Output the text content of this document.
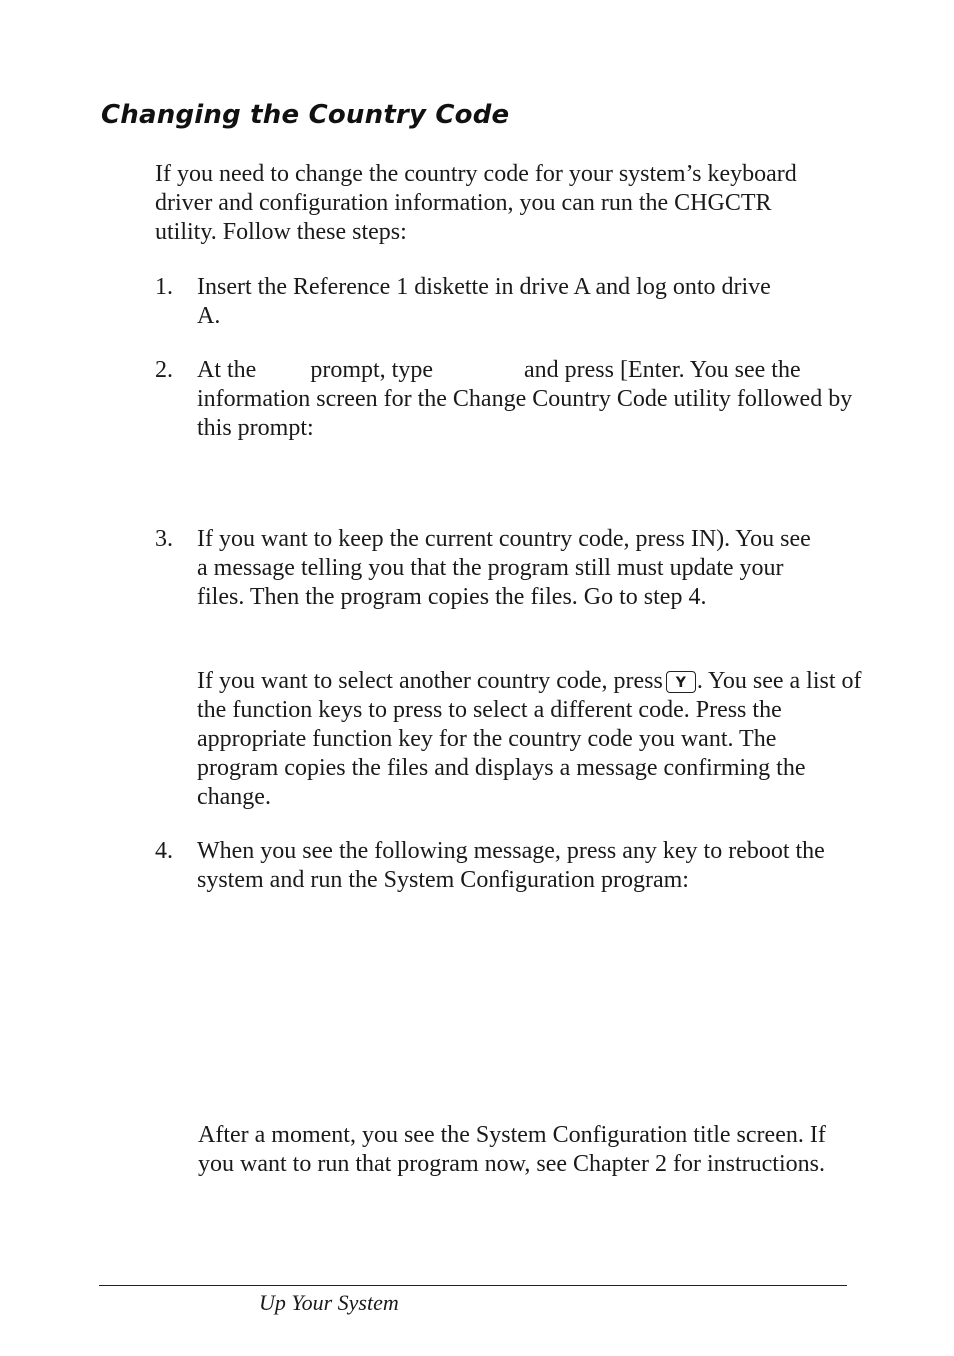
Changing the Country Code

If you need to change the country code for your system’s keyboard driver and configuration information, you can run the CHGCTR utility. Follow these steps:

1. Insert the Reference 1 diskette in drive A and log onto drive A.

2. At the prompt, type	and press [Enter. You see the information screen for the Change Country Code utility followed by this prompt:

3. If you want to keep the current country code, press IN). You see a message telling you that the program still must update your files. Then the program copies the files. Go to step 4.

If you want to select another country code, press Y . You see a list of the function keys to press to select a different code. Press the appropriate function key for the country code you want. The program copies the files and displays a message confirming the change.

4. When you see the following message, press any key to reboot the system and run the System Configuration program:

After a moment, you see the System Configuration title screen. If you want to run that program now, see Chapter 2 for instructions.

Up Your System
